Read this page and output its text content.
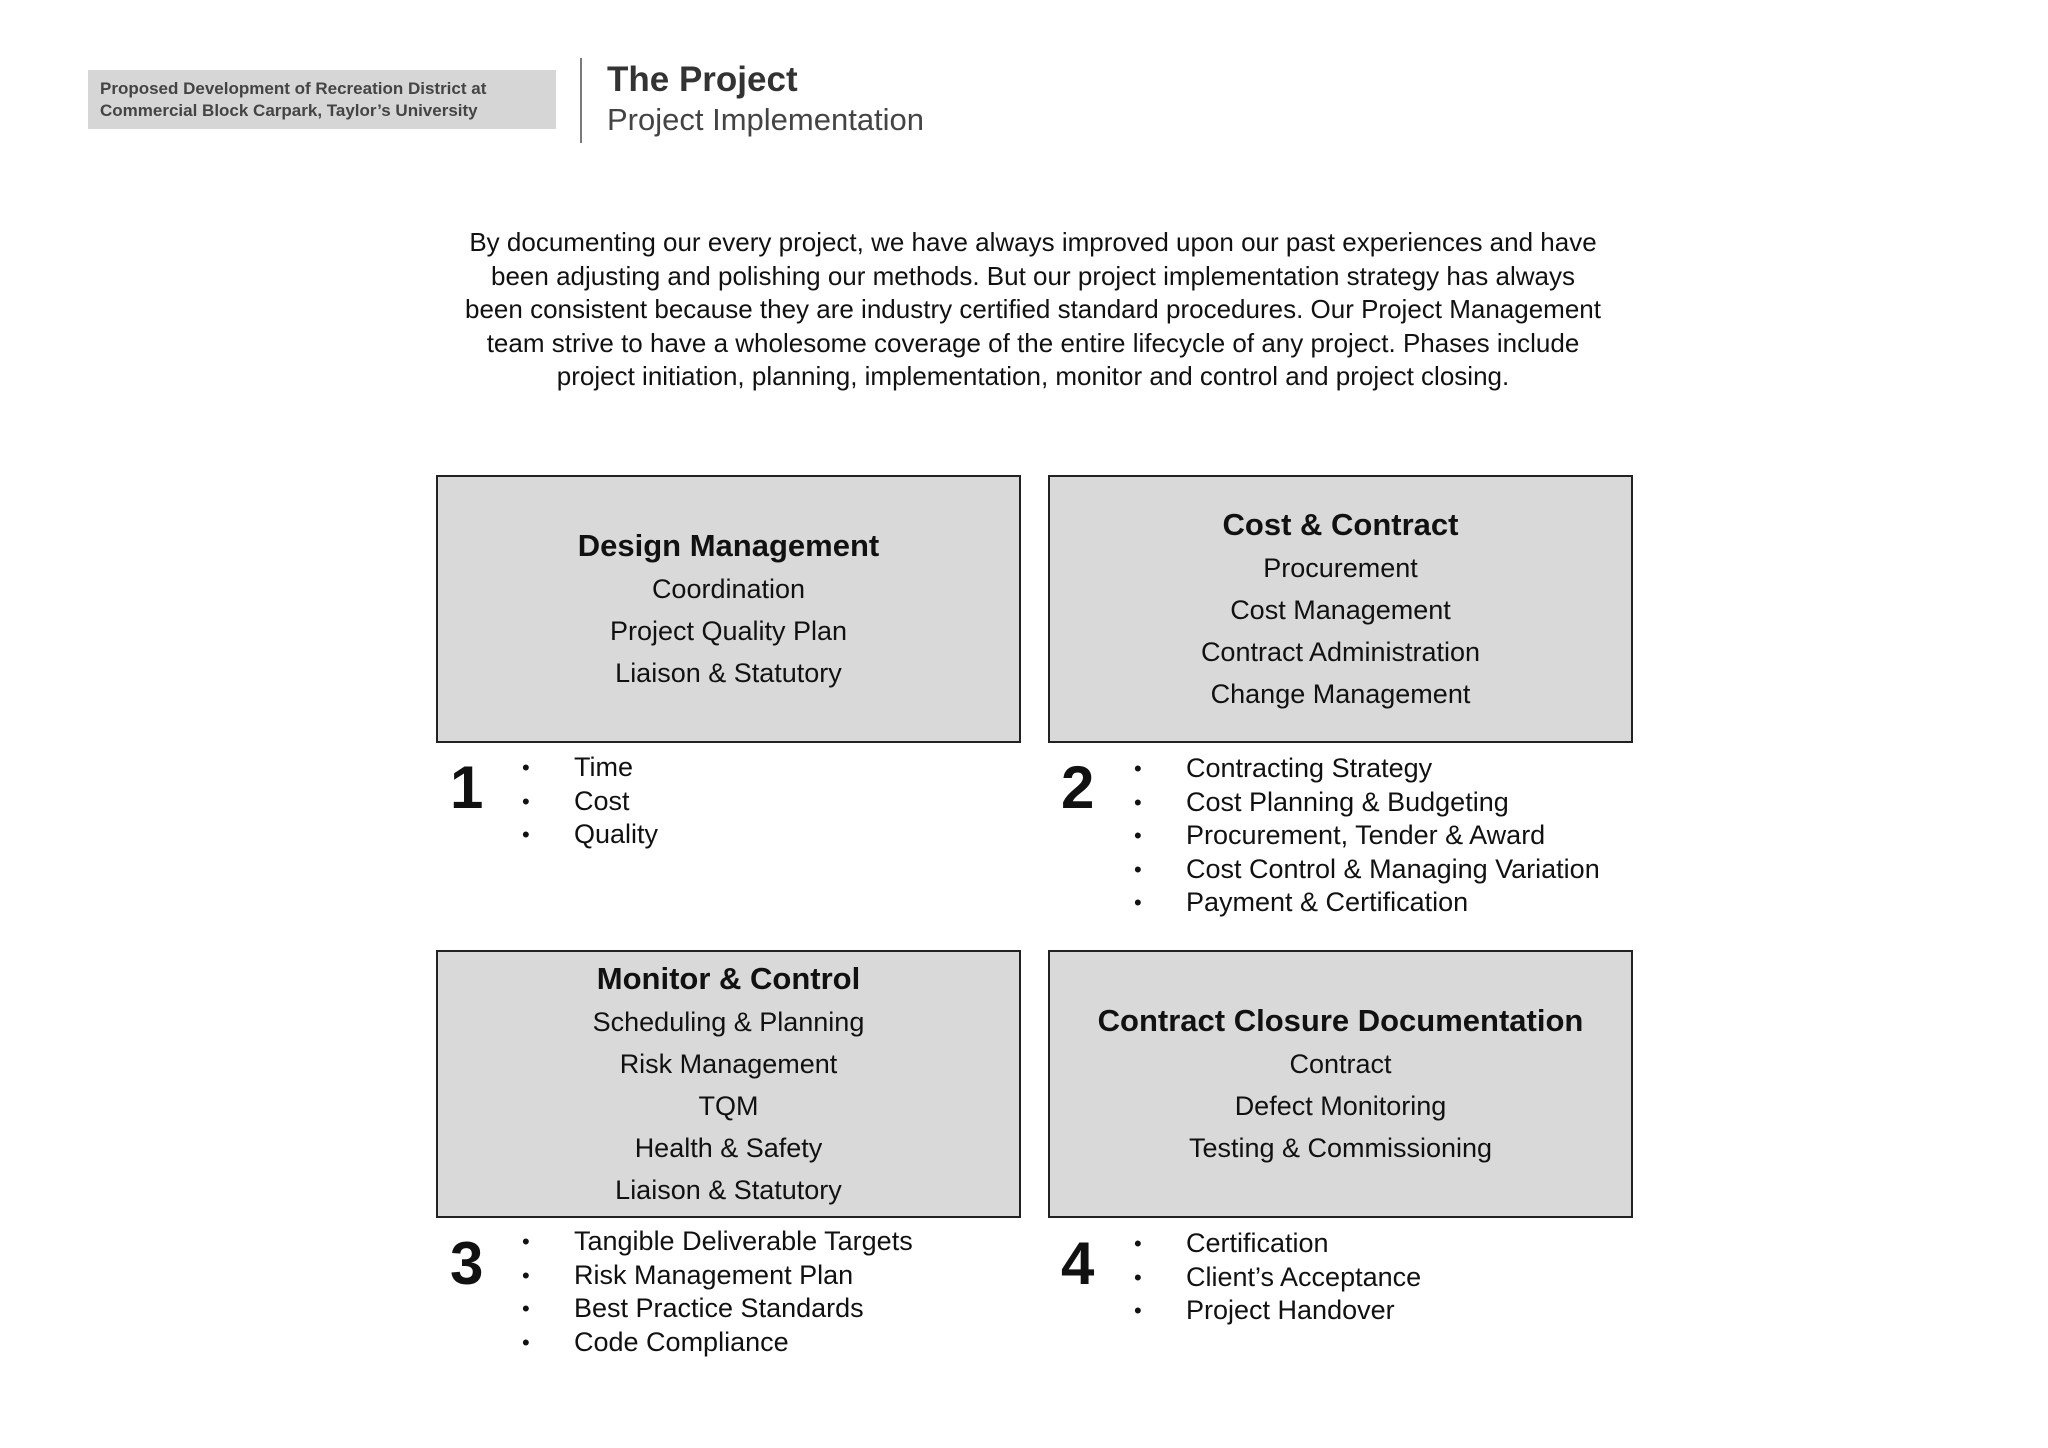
Proposed Development of Recreation District at
Commercial Block Carpark, Taylor’s University
The Project
Project Implementation
By documenting our every project, we have always improved upon our past experiences and have
been adjusting and polishing our methods. But our project implementation strategy has always
been consistent because they are industry certified standard procedures. Our Project Management
team strive to have a wholesome coverage of the entire lifecycle of any project. Phases include
project initiation, planning, implementation, monitor and control and project closing.
Design Management
Coordination
Project Quality Plan
Liaison & Statutory
1	• Time
• Cost
• Quality
Cost & Contract
Procurement
Cost Management
Contract Administration
Change Management
2	• Contracting Strategy
• Cost Planning & Budgeting
• Procurement, Tender & Award
• Cost Control & Managing Variation
• Payment & Certification
Monitor & Control
Scheduling & Planning
Risk Management
TQM
Health & Safety
Liaison & Statutory
3	• Tangible Deliverable Targets
• Risk Management Plan
• Best Practice Standards
• Code Compliance
Contract Closure Documentation
Contract
Defect Monitoring
Testing & Commissioning
4	• Certification
• Client’s Acceptance
• Project Handover
